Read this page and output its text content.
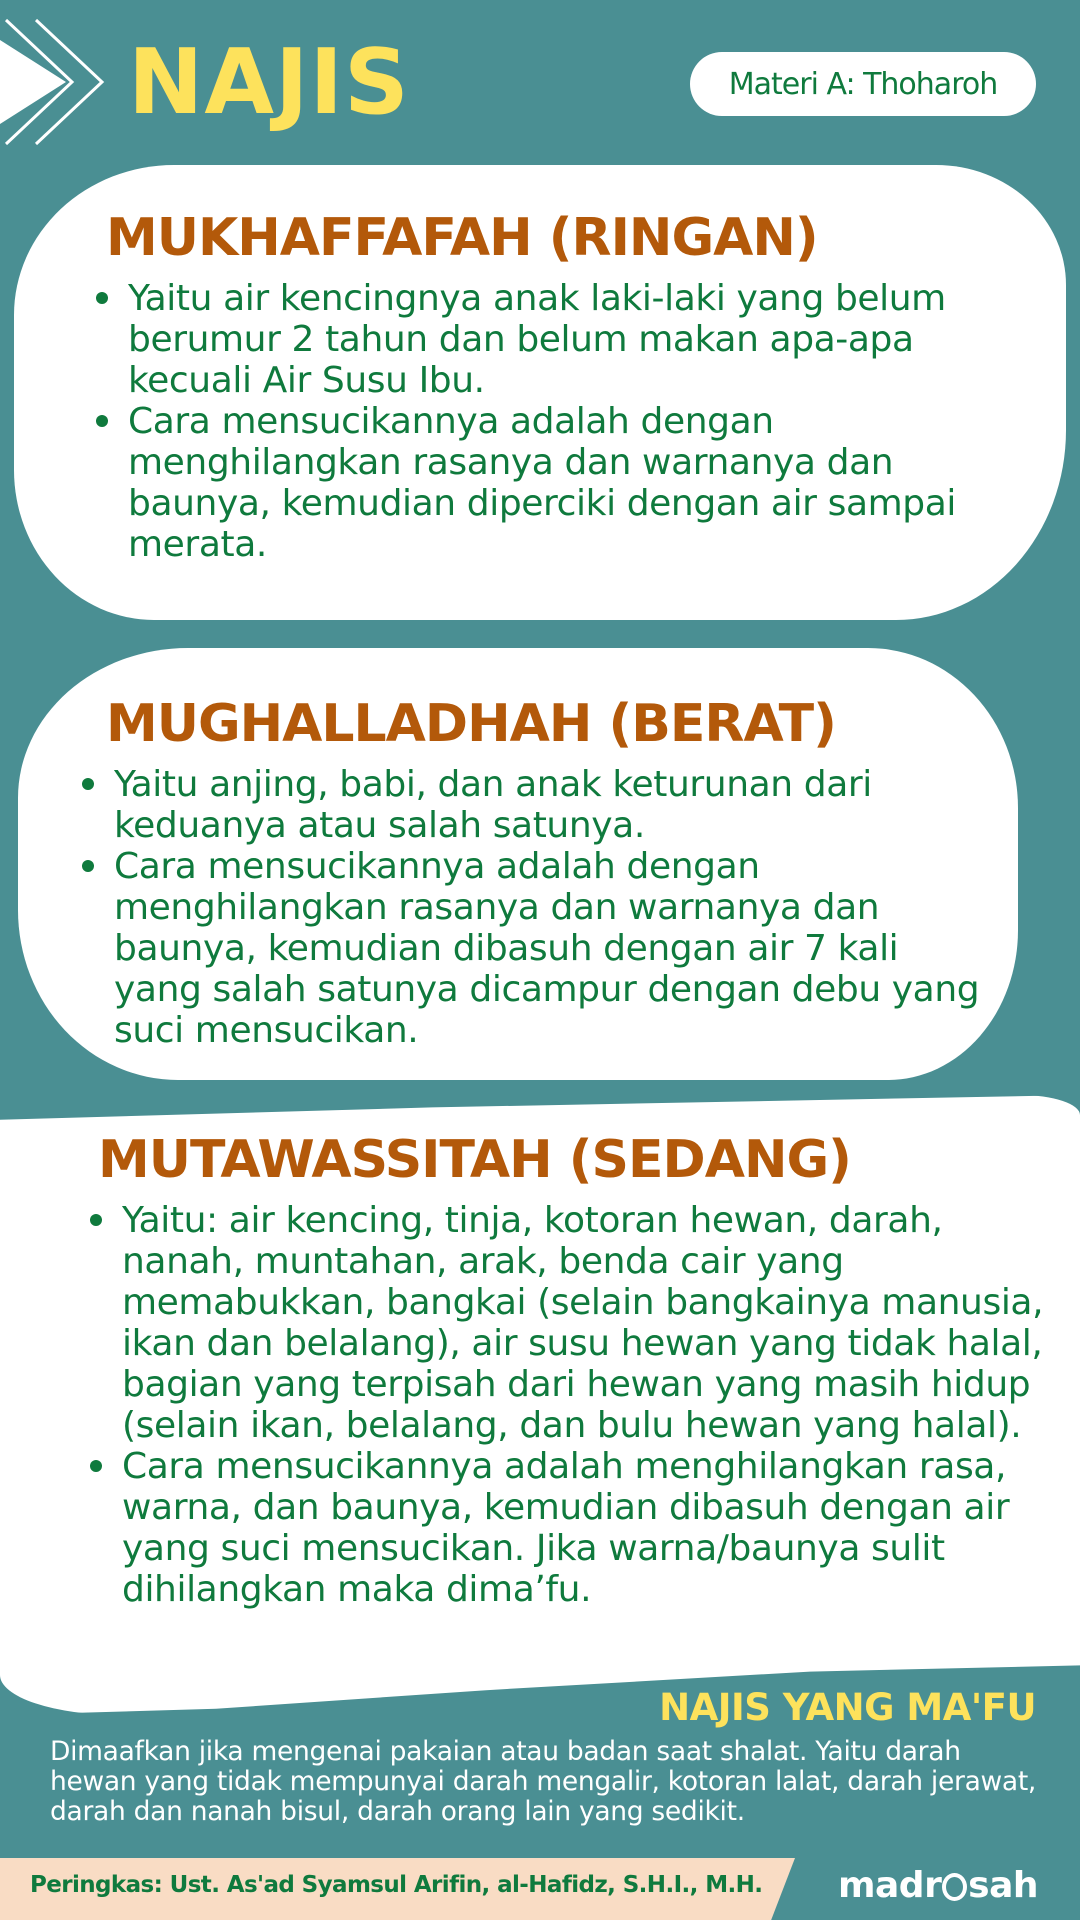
NAJIS	Materi A: Thoharoh
MUKHAFFAFAH (RINGAN)
Yaitu air kencingnya anak laki-laki yang belum berumur 2 tahun dan belum makan apa-apa kecuali Air Susu Ibu.
Cara mensucikannya adalah dengan menghilangkan rasanya dan warnanya dan baunya, kemudian diperciki dengan air sampai merata.
MUGHALLADHAH (BERAT)
Yaitu anjing, babi, dan anak keturunan dari keduanya atau salah satunya.
Cara mensucikannya adalah dengan menghilangkan rasanya dan warnanya dan baunya, kemudian dibasuh dengan air 7 kali yang salah satunya dicampur dengan debu yang suci mensucikan.
MUTAWASSITAH (SEDANG)
Yaitu: air kencing, tinja, kotoran hewan, darah, nanah, muntahan, arak, benda cair yang memabukkan, bangkai (selain bangkainya manusia, ikan dan belalang), air susu hewan yang tidak halal, bagian yang terpisah dari hewan yang masih hidup (selain ikan, belalang, dan bulu hewan yang halal).
Cara mensucikannya adalah menghilangkan rasa, warna, dan baunya, kemudian dibasuh dengan air yang suci mensucikan. Jika warna/baunya sulit dihilangkan maka dima’fu.
NAJIS YANG MA'FU
Dimaafkan jika mengenai pakaian atau badan saat shalat. Yaitu darah hewan yang tidak mempunyai darah mengalir, kotoran lalat, darah jerawat, darah dan nanah bisul, darah orang lain yang sedikit.
Peringkas: Ust. As'ad Syamsul Arifin, al-Hafidz, S.H.I., M.H. madr sah
